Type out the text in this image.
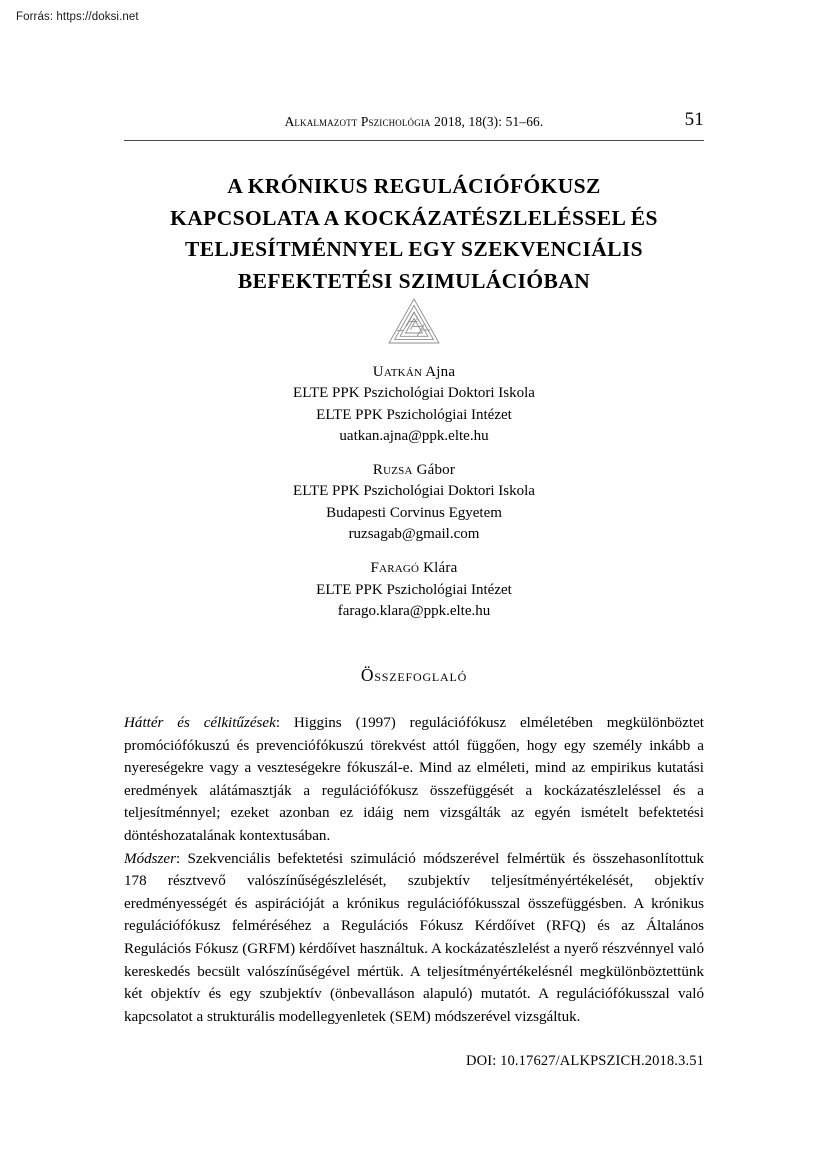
Forrás: https://doksi.net
Alkalmazott Pszichológia 2018, 18(3): 51–66.	51
A KRÓNIKUS REGULÁCIÓFÓKUSZ
KAPCSOLATA A KOCKÁZATÉSZLELÉSSEL ÉS
TELJESÍTMÉNNYEL EGY SZEKVENCIÁLIS
BEFEKTETÉSI SZIMULÁCIÓBAN
Uatkán Ajna
ELTE PPK Pszichológiai Doktori Iskola
ELTE PPK Pszichológiai Intézet
uatkan.ajna@ppk.elte.hu
Ruzsa Gábor
ELTE PPK Pszichológiai Doktori Iskola
Budapesti Corvinus Egyetem
ruzsagab@gmail.com
Faragó Klára
ELTE PPK Pszichológiai Intézet
farago.klara@ppk.elte.hu
Összefoglaló

Háttér és célkitűzések: Higgins (1997) regulációfókusz elméletében megkülönböztet promóciófókuszú és prevenciófókuszú törekvést attól függően, hogy egy személy inkább a nyereségekre vagy a veszteségekre fókuszál-e. Mind az elméleti, mind az empirikus kutatási eredmények alátámasztják a regulációfókusz összefüggését a kockázatészleléssel és a teljesítménnyel; ezeket azonban ez idáig nem vizsgálták az egyén ismételt befektetési döntéshozatalának kontextusában.

Módszer: Szekvenciális befektetési szimuláció módszerével felmértük és összehasonlítottuk 178 résztvevő valószínűségészlelését, szubjektív teljesítményértékelését, objektív eredményességét és aspirációját a krónikus regulációfókusszal összefüggésben. A krónikus regulációfókusz felméréséhez a Regulációs Fókusz Kérdőívet (RFQ) és az Általános Regulációs Fókusz (GRFM) kérdőívet használtuk. A kockázatészlelést a nyerő részvénnyel való kereskedés becsült valószínűségével mértük. A teljesítményértékelésnél megkülönböztettünk két objektív és egy szubjektív (önbevalláson alapuló) mutatót. A regulációfókusszal való kapcsolatot a strukturális modellegyenletek (SEM) módszerével vizsgáltuk.

DOI: 10.17627/ALKPSZICH.2018.3.51
